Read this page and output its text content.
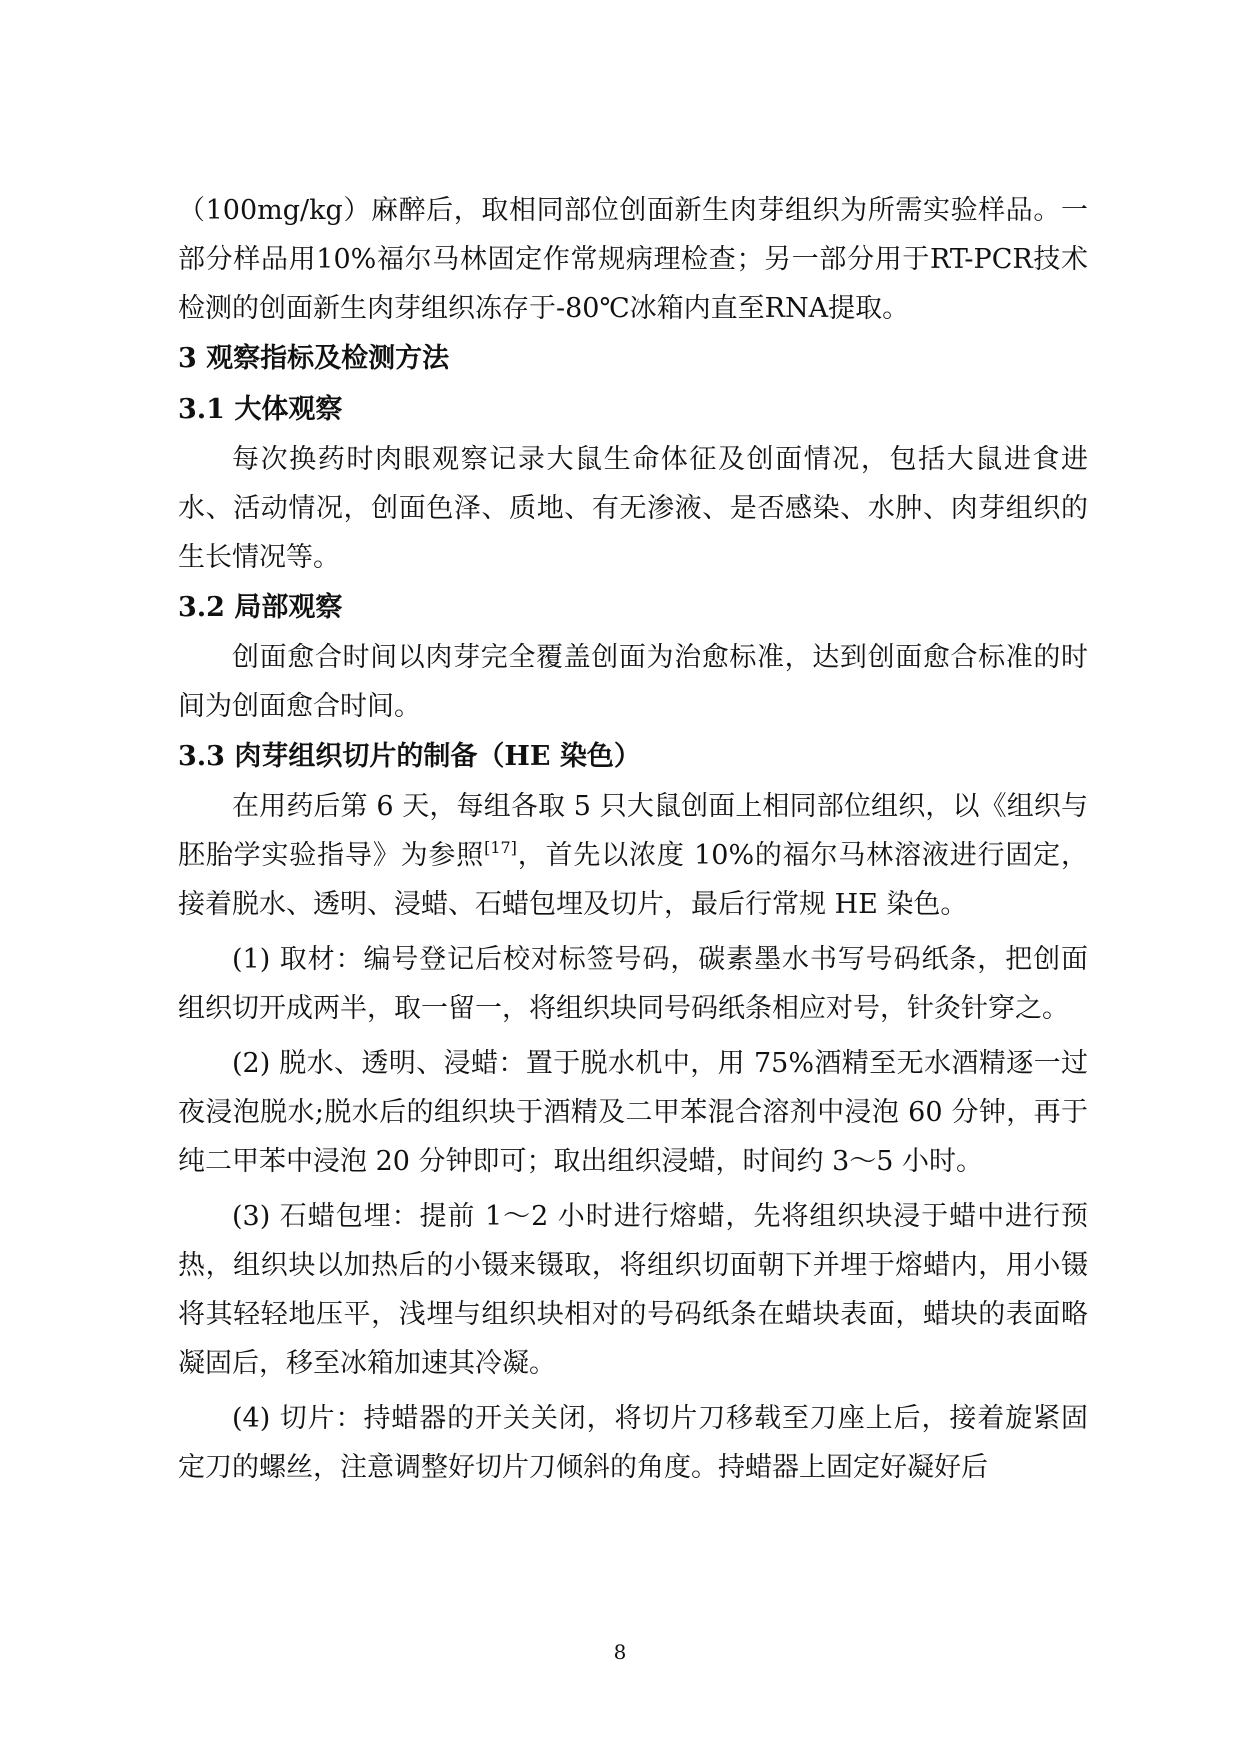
（100mg/kg）麻醉后，取相同部位创面新生肉芽组织为所需实验样品。一部分样品用10%福尔马林固定作常规病理检查；另一部分用于RT-PCR技术检测的创面新生肉芽组织冻存于-80℃冰箱内直至RNA提取。

3 观察指标及检测方法
3.1 大体观察

每次换药时肉眼观察记录大鼠生命体征及创面情况，包括大鼠进食进水、活动情况，创面色泽、质地、有无渗液、是否感染、水肿、肉芽组织的生长情况等。

3.2 局部观察

创面愈合时间以肉芽完全覆盖创面为治愈标准，达到创面愈合标准的时间为创面愈合时间。

3.3 肉芽组织切片的制备（HE 染色）

在用药后第 6 天，每组各取 5 只大鼠创面上相同部位组织，以《组织与胚胎学实验指导》为参照[17]，首先以浓度 10%的福尔马林溶液进行固定，接着脱水、透明、浸蜡、石蜡包埋及切片，最后行常规 HE 染色。

(1) 取材：编号登记后校对标签号码，碳素墨水书写号码纸条，把创面组织切开成两半，取一留一，将组织块同号码纸条相应对号，针灸针穿之。

(2) 脱水、透明、浸蜡：置于脱水机中，用 75%酒精至无水酒精逐一过夜浸泡脱水;脱水后的组织块于酒精及二甲苯混合溶剂中浸泡 60 分钟，再于纯二甲苯中浸泡 20 分钟即可；取出组织浸蜡，时间约 3～5 小时。

(3) 石蜡包埋：提前 1～2 小时进行熔蜡，先将组织块浸于蜡中进行预热，组织块以加热后的小镊来镊取，将组织切面朝下并埋于熔蜡内，用小镊将其轻轻地压平，浅埋与组织块相对的号码纸条在蜡块表面，蜡块的表面略凝固后，移至冰箱加速其冷凝。

(4) 切片：持蜡器的开关关闭，将切片刀移载至刀座上后，接着旋紧固定刀的螺丝，注意调整好切片刀倾斜的角度。持蜡器上固定好凝好后

8
